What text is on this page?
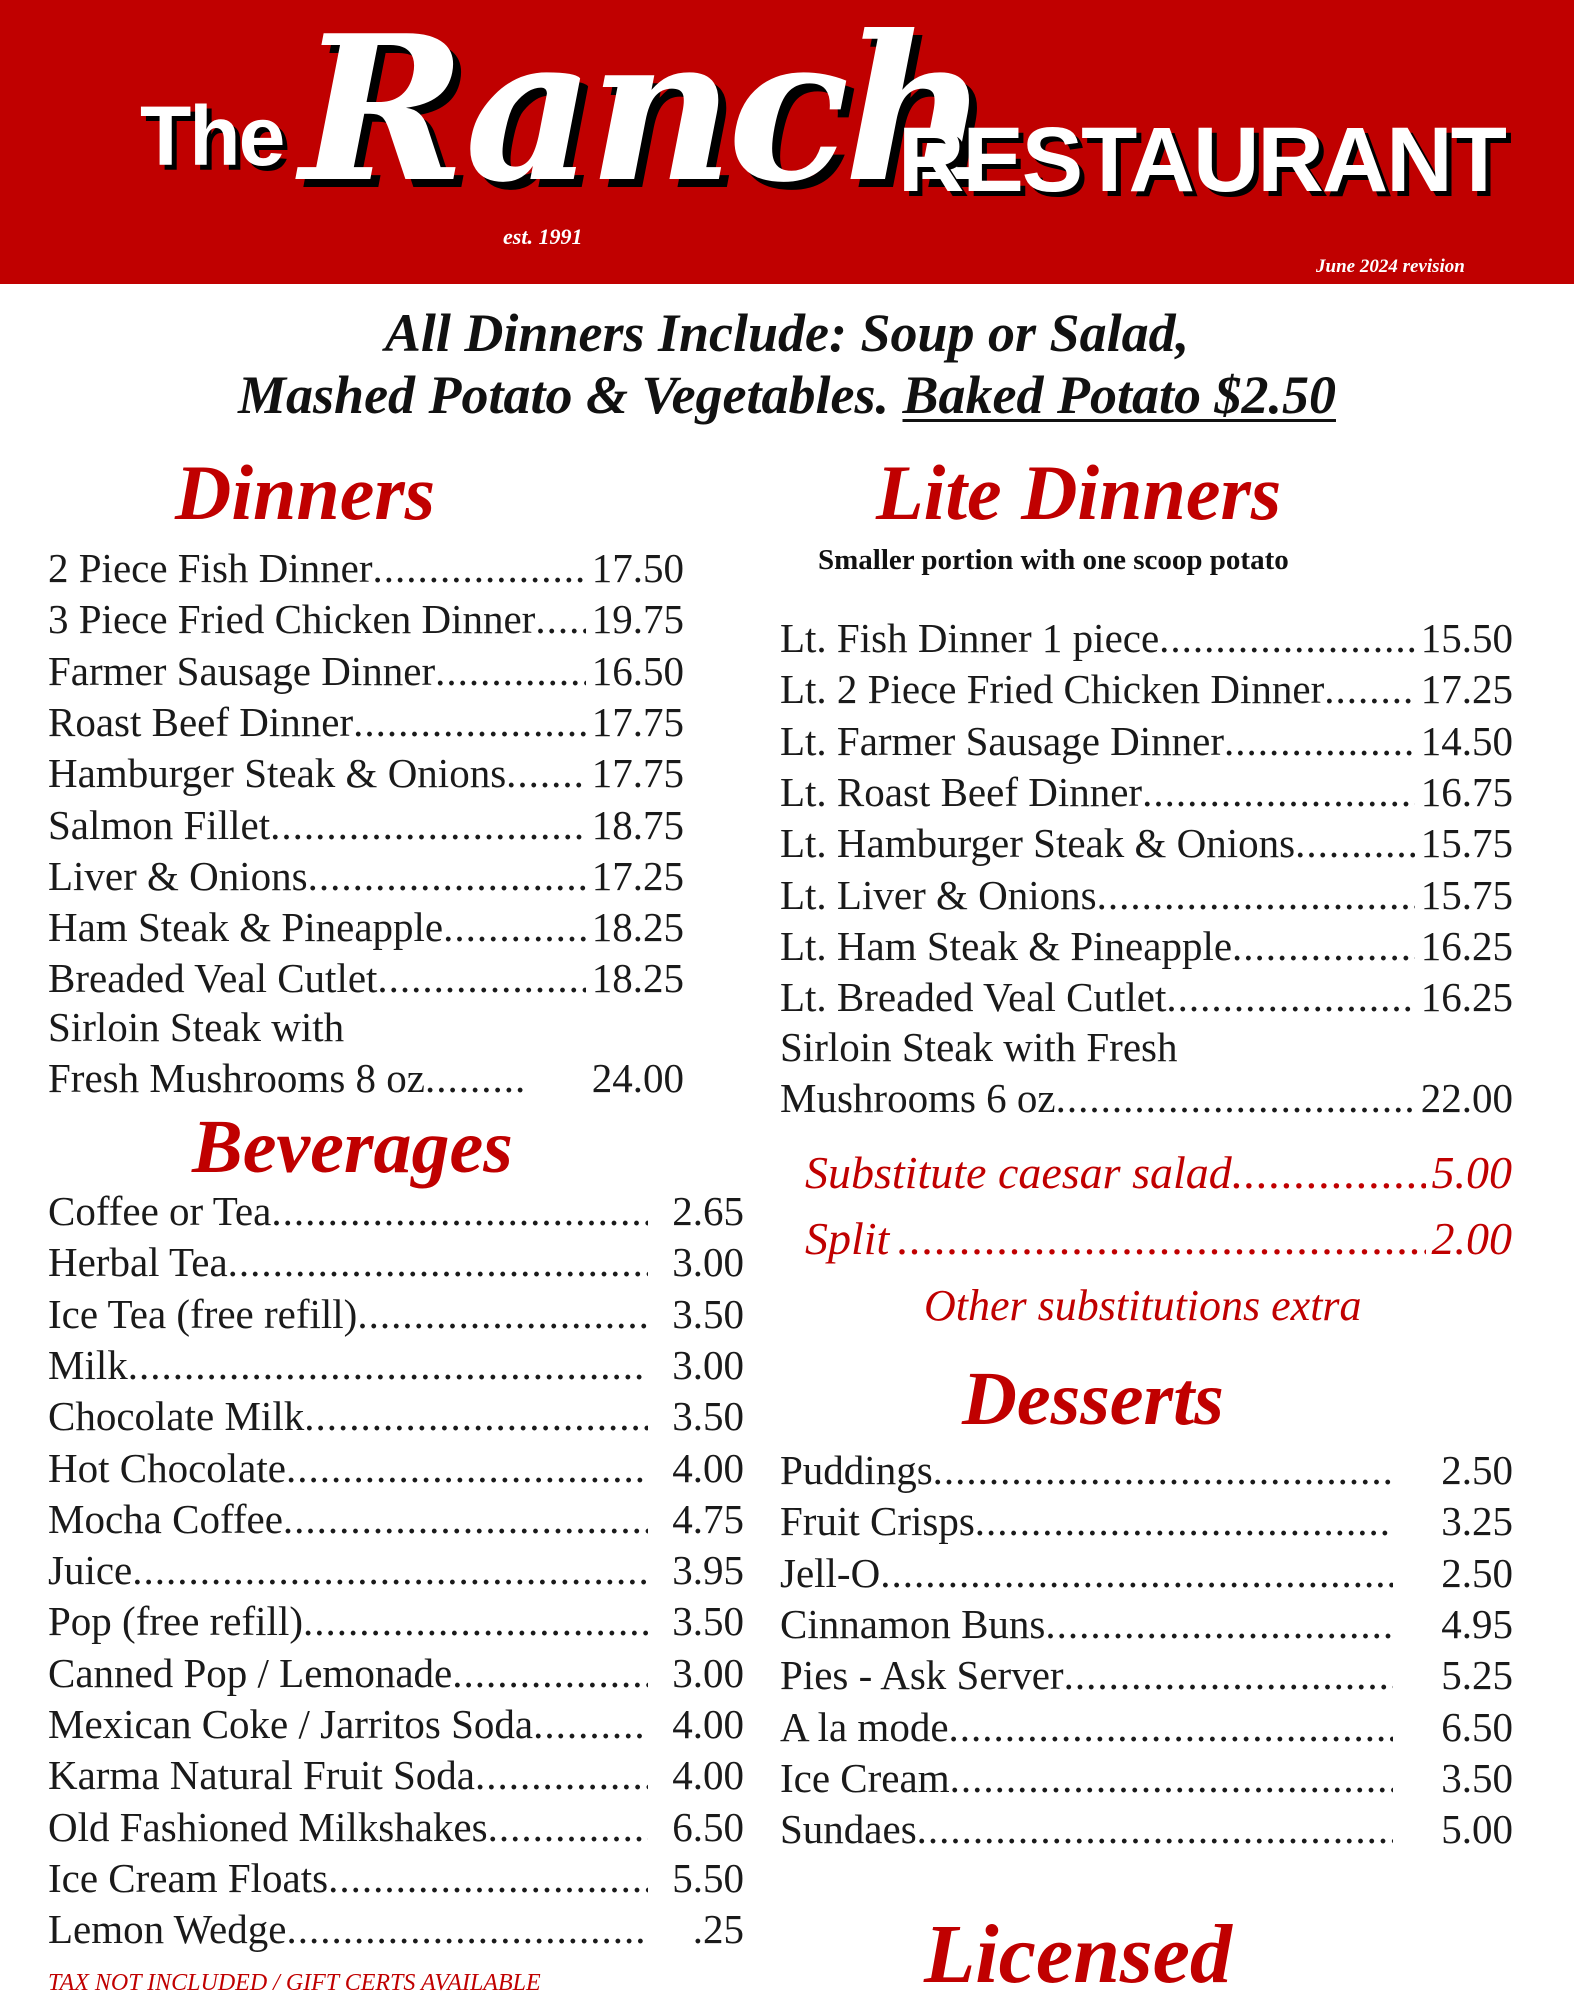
The Ranch
RESTAURANT
est. 1991
June 2024 revision
All Dinners Include: Soup or Salad,
Mashed Potato & Vegetables. Baked Potato $2.50
Dinners
2 Piece Fish Dinner .....	17.50
3 Piece Fried Chicken Dinner ..... 19.75
Farmer Sausage Dinner .....	16.50
Roast Beef Dinner .....	17.75
Hamburger Steak & Onions ..... 17.75
Salmon Fillet .....	18.75
Liver & Onions .....	17.25
Ham Steak & Pineapple .....	18.25
Breaded Veal Cutlet .....	18.25
Sirloin Steak with
Fresh Mushrooms 8 oz .....	24.00
Beverages
Coffee or Tea .....	2.65
Herbal Tea .....	3.00
Ice Tea (free refill) .....	3.50
Milk .....	3.00
Chocolate Milk .....	3.50
Hot Chocolate .....	4.00
Mocha Coffee .....	4.75
Juice .....	3.95
Pop (free refill) .....	3.50
Canned Pop / Lemonade .....	3.00
Mexican Coke / Jarritos Soda .....	4.00
Karma Natural Fruit Soda .....	4.00
Old Fashioned Milkshakes .....	6.50
Ice Cream Floats .....	5.50
Lemon Wedge .....	.25
Lite Dinners
Smaller portion with one scoop potato
Lt. Fish Dinner 1 piece .....	15.50
Lt. 2 Piece Fried Chicken Dinner ..... 17.25
Lt. Farmer Sausage Dinner .....	14.50
Lt. Roast Beef Dinner .....	16.75
Lt. Hamburger Steak & Onions .....	15.75
Lt. Liver & Onions .....	15.75
Lt. Ham Steak & Pineapple .....	16.25
Lt. Breaded Veal Cutlet .....	16.25
Sirloin Steak with Fresh
Mushrooms 6 oz .....	22.00
Substitute caesar salad .....	5.00
Split .....	2.00
Other substitutions extra
Desserts
Puddings .....	2.50
Fruit Crisps .....	3.25
Jell-O .....	2.50
Cinnamon Buns .....	4.95
Pies - Ask Server .....	5.25
A la mode .....	6.50
Ice Cream .....	3.50
Sundaes .....	5.00
Licensed
TAX NOT INCLUDED / GIFT CERTS AVAILABLE
